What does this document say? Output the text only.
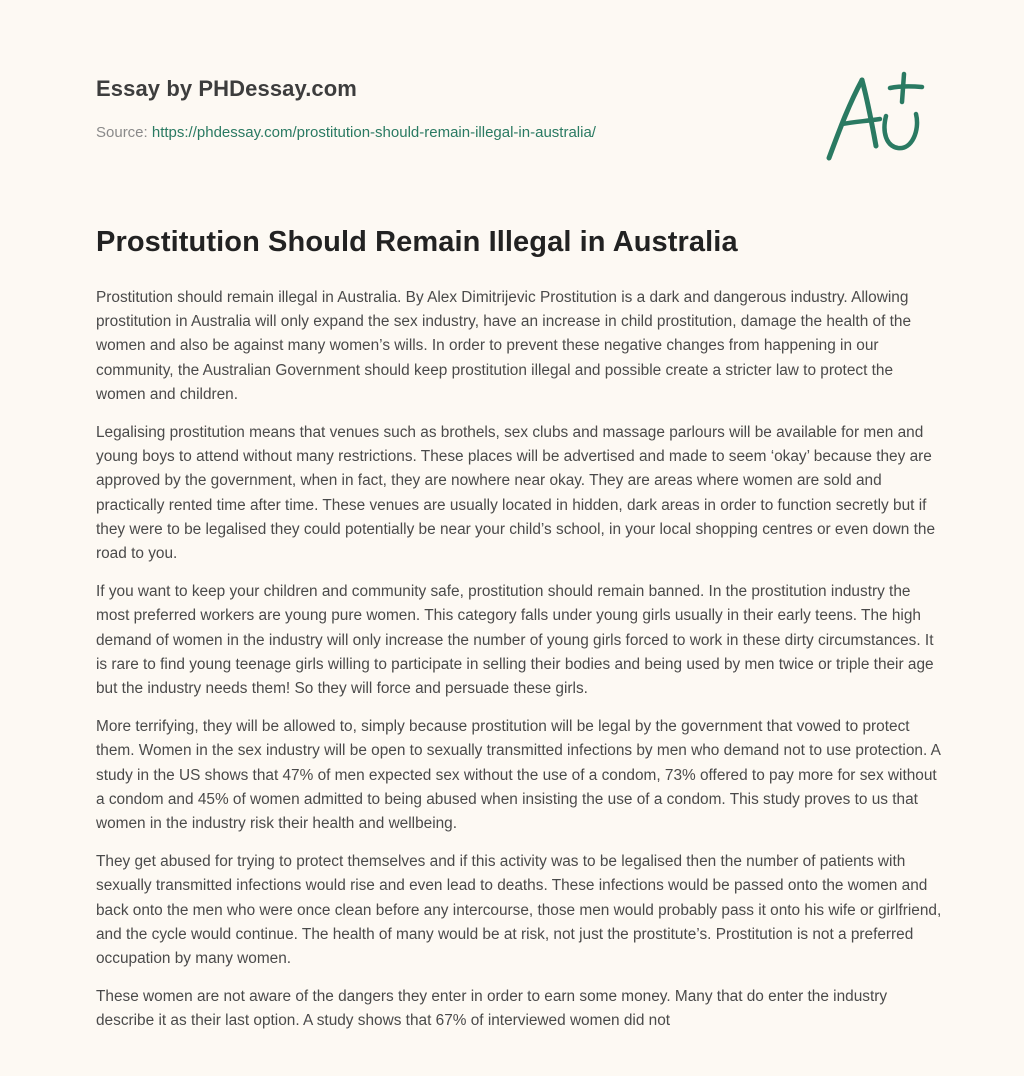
Essay by PHDessay.com
Source: https://phdessay.com/prostitution-should-remain-illegal-in-australia/
Prostitution Should Remain Illegal in Australia

Prostitution should remain illegal in Australia. By Alex Dimitrijevic Prostitution is a dark and dangerous industry. Allowing prostitution in Australia will only expand the sex industry, have an increase in child prostitution, damage the health of the women and also be against many women’s wills. In order to prevent these negative changes from happening in our community, the Australian Government should keep prostitution illegal and possible create a stricter law to protect the women and children.

Legalising prostitution means that venues such as brothels, sex clubs and massage parlours will be available for men and young boys to attend without many restrictions. These places will be advertised and made to seem ‘okay’ because they are approved by the government, when in fact, they are nowhere near okay. They are areas where women are sold and practically rented time after time. These venues are usually located in hidden, dark areas in order to function secretly but if they were to be legalised they could potentially be near your child’s school, in your local shopping centres or even down the road to you.

If you want to keep your children and community safe, prostitution should remain banned. In the prostitution industry the most preferred workers are young pure women. This category falls under young girls usually in their early teens. The high demand of women in the industry will only increase the number of young girls forced to work in these dirty circumstances. It is rare to find young teenage girls willing to participate in selling their bodies and being used by men twice or triple their age but the industry needs them! So they will force and persuade these girls.

More terrifying, they will be allowed to, simply because prostitution will be legal by the government that vowed to protect them. Women in the sex industry will be open to sexually transmitted infections by men who demand not to use protection. A study in the US shows that 47% of men expected sex without the use of a condom, 73% offered to pay more for sex without a condom and 45% of women admitted to being abused when insisting the use of a condom. This study proves to us that women in the industry risk their health and wellbeing.

They get abused for trying to protect themselves and if this activity was to be legalised then the number of patients with sexually transmitted infections would rise and even lead to deaths. These infections would be passed onto the women and back onto the men who were once clean before any intercourse, those men would probably pass it onto his wife or girlfriend, and the cycle would continue. The health of many would be at risk, not just the prostitute’s. Prostitution is not a preferred occupation by many women.

These women are not aware of the dangers they enter in order to earn some money. Many that do enter the industry describe it as their last option. A study shows that 67% of interviewed women did not
